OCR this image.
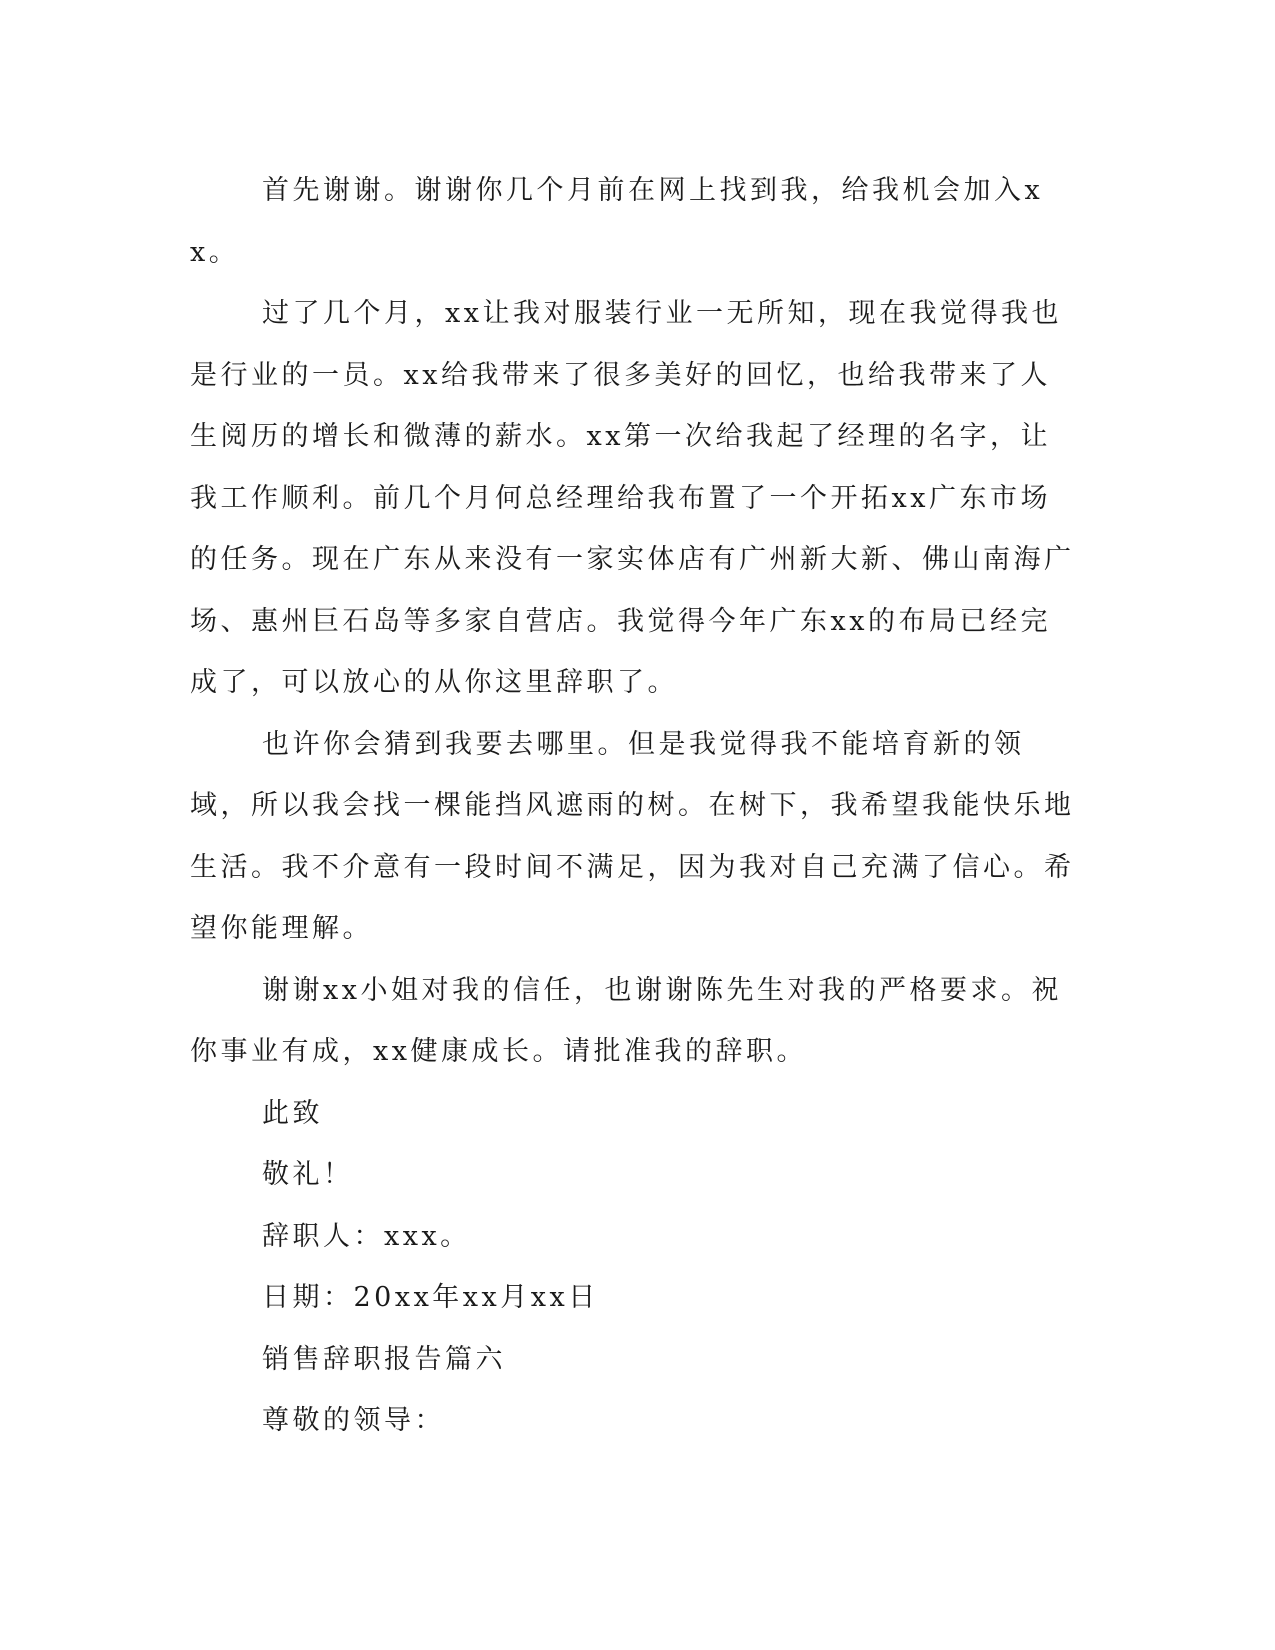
首先谢谢。谢谢你几个月前在网上找到我，给我机会加入xx。

过了几个月，xx让我对服装行业一无所知，现在我觉得我也是行业的一员。xx给我带来了很多美好的回忆，也给我带来了人生阅历的增长和微薄的薪水。xx第一次给我起了经理的名字，让我工作顺利。前几个月何总经理给我布置了一个开拓xx广东市场的任务。现在广东从来没有一家实体店有广州新大新、佛山南海广场、惠州巨石岛等多家自营店。我觉得今年广东xx的布局已经完成了，可以放心的从你这里辞职了。

也许你会猜到我要去哪里。但是我觉得我不能培育新的领域，所以我会找一棵能挡风遮雨的树。在树下，我希望我能快乐地生活。我不介意有一段时间不满足，因为我对自己充满了信心。希望你能理解。

谢谢xx小姐对我的信任，也谢谢陈先生对我的严格要求。祝你事业有成，xx健康成长。请批准我的辞职。

此致

敬礼！

辞职人：xxx。

日期：20xx年xx月xx日

销售辞职报告篇六

尊敬的领导：
